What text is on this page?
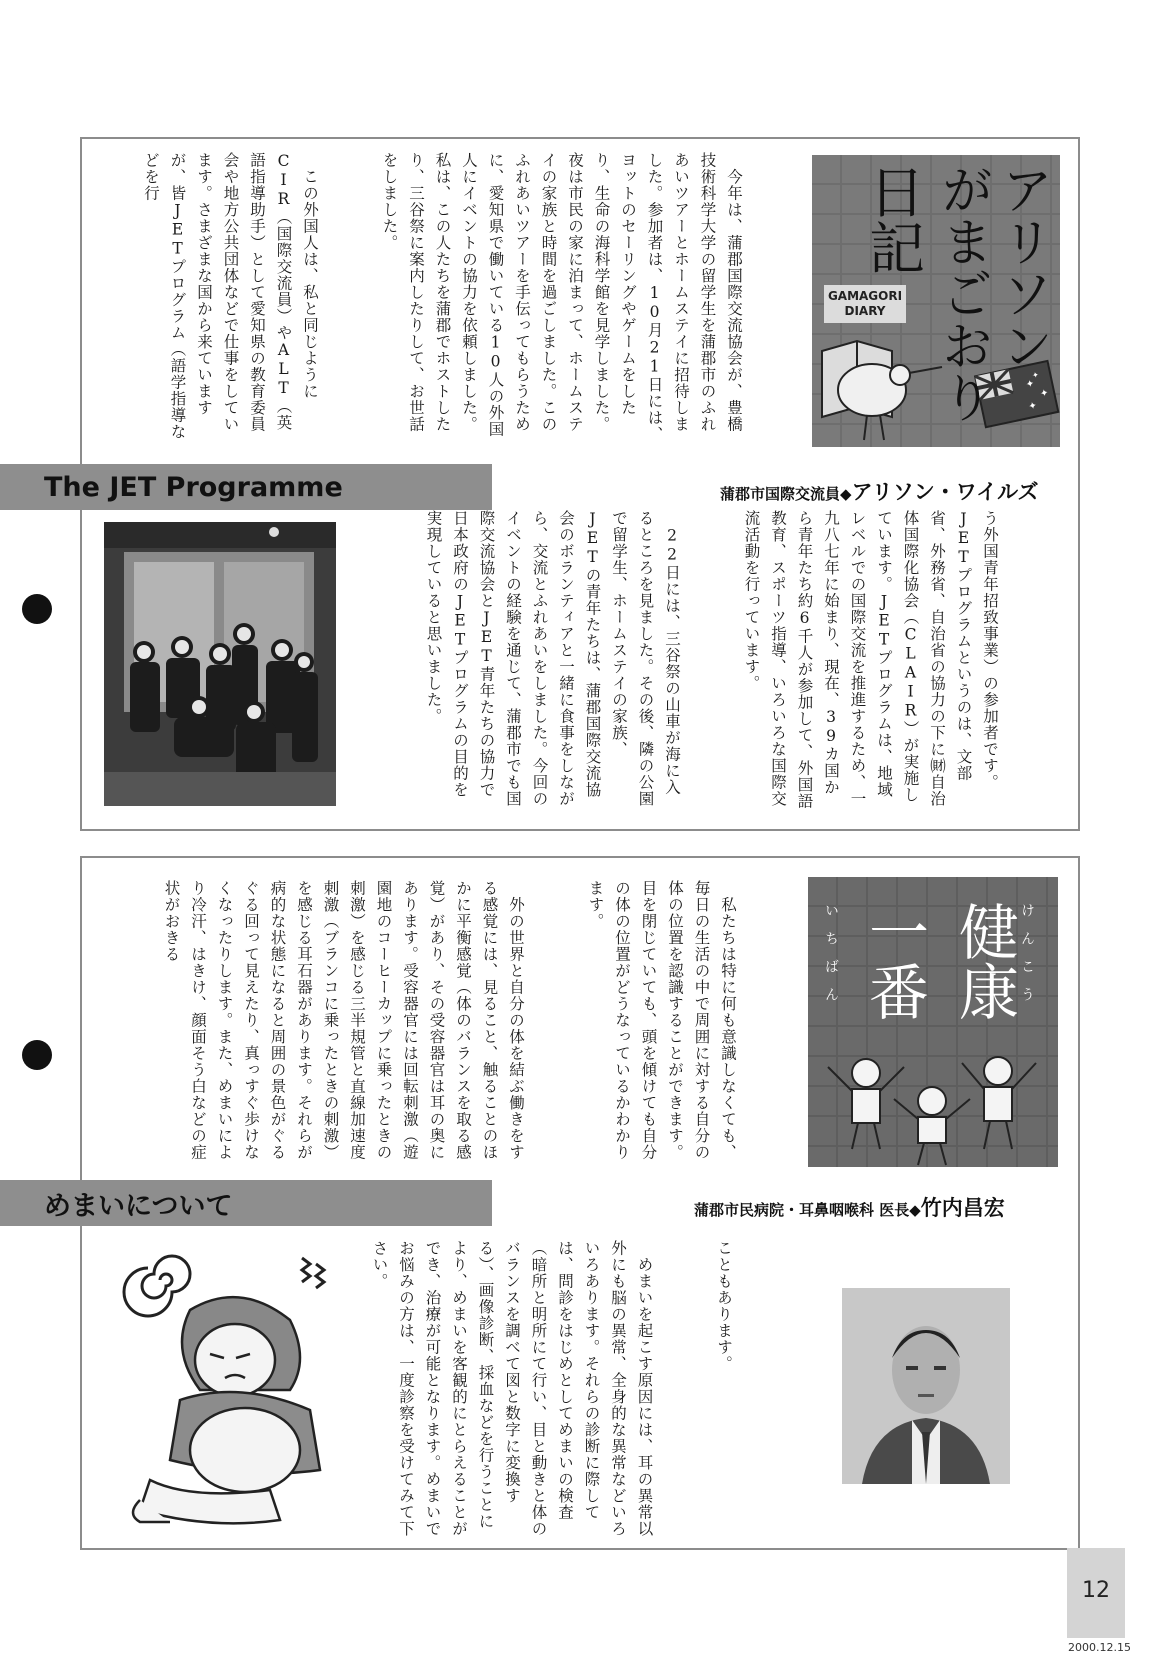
✦
✦
✦
✦
アリソン
がまごおり
日記
GAMAGORI DIARY

　今年は、蒲郡国際交流協会が、豊橋技術科学大学の留学生を蒲郡市のふれあいツアーとホームステイに招待しました。参加者は、10月21日には、ヨットのセーリングやゲームをしたり、生命の海科学館を見学しました。夜は市民の家に泊まって、ホームステイの家族と時間を過ごしました。このふれあいツアーを手伝ってもらうために、愛知県で働いている10人の外国人にイベントの協力を依頼しました。私は、この人たちを蒲郡でホストしたり、三谷祭に案内したりして、お世話をしました。

　この外国人は、私と同じようにCIR（国際交流員）やALT（英語指導助手）として愛知県の教育委員会や地方公共団体などで仕事をしています。さまざまな国から来ていますが、皆JETプログラム（語学指導などを行

The JET Programme	蒲郡市国際交流員◆アリソン・ワイルズ

う外国青年招致事業）の参加者です。JETプログラムというのは、文部省、外務省、自治省の協力の下に㈶自治体国際化協会（CLAIR）が実施しています。JETプログラムは、地域レベルでの国際交流を推進するため、一九八七年に始まり、現在、39カ国から青年たち約6千人が参加して、外国語教育、スポーツ指導、いろいろな国際交流活動を行っています。

　22日には、三谷祭の山車が海に入るところを見ました。その後、隣の公園で留学生、ホームステイの家族、JETの青年たちは、蒲郡国際交流協会のボランティアと一緒に食事をしながら、交流とふれあいをしました。今回のイベントの経験を通じて、蒲郡市でも国際交流協会とJET青年たちの協力で日本政府のJETプログラムの目的を実現していると思いました。

健康
一番	けんこう
いちばん

　私たちは特に何も意識しなくても、毎日の生活の中で周囲に対する自分の体の位置を認識することができます。目を閉じていても、頭を傾けても自分の体の位置がどうなっているかわかります。

　外の世界と自分の体を結ぶ働きをする感覚には、見ること、触ることのほかに平衡感覚（体のバランスを取る感覚）があり、その受容器官は耳の奥にあります。受容器官には回転刺激（遊園地のコーヒーカップに乗ったときの刺激）を感じる三半規管と直線加速度刺激（ブランコに乗ったときの刺激）を感じる耳石器があります。それらが病的な状態になると周囲の景色がぐるぐる回って見えたり、真っすぐ歩けなくなったりします。また、めまいにより冷汗、はきけ、顔面そう白などの症状がおきる

めまいについて	蒲郡市民病院・耳鼻咽喉科 医長◆竹内昌宏

こともあります。

　めまいを起こす原因には、耳の異常以外にも脳の異常、全身的な異常などいろいろあります。それらの診断に際しては、問診をはじめとしてめまいの検査（暗所と明所にて行い、目と動きと体のバランスを調べて図と数字に変換する）、画像診断、採血などを行うことにより、めまいを客観的にとらえることができ、治療が可能となります。めまいでお悩みの方は、一度診察を受けてみて下さい。

12
2000.12.15
